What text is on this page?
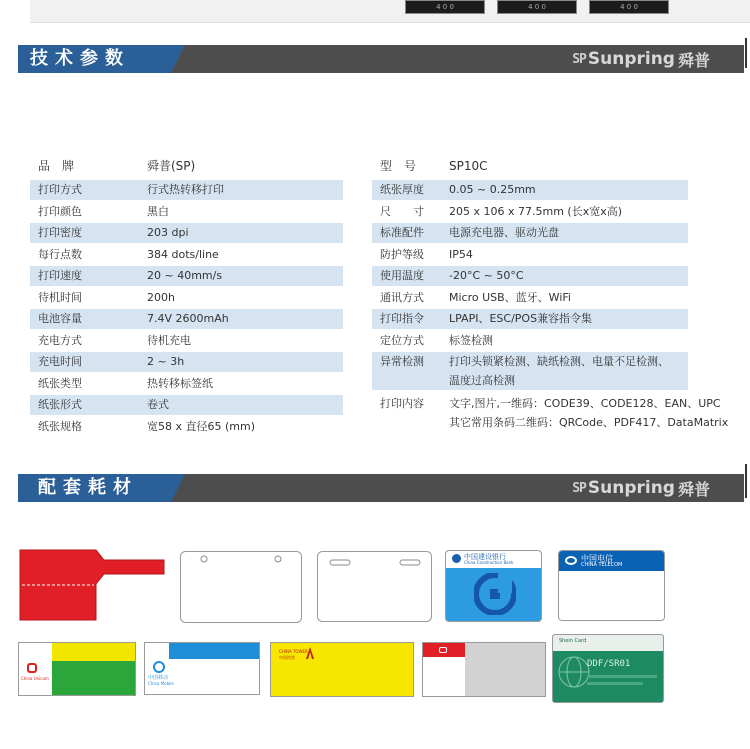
4 0 0	4 0 0	4 0 0
技术参数	SP Sunpring 舜普
品　牌	舜普(SP)
打印方式	行式热转移打印
打印颜色	黑白
打印密度	203 dpi
每行点数	384 dots/line
打印速度	20 ~ 40mm/s
待机时间	200h
电池容量	7.4V 2600mAh
充电方式	待机充电
充电时间	2 ~ 3h
纸张类型	热转移标签纸
纸张形式	卷式
纸张规格	宽58 x 直径65 (mm)
型　号	SP10C
纸张厚度 0.05 ~ 0.25mm
尺　　寸 205 x 106 x 77.5mm (长x宽x高)
标准配件 电源充电器、驱动光盘
防护等级 IP54
使用温度 -20°C ~ 50°C
通讯方式 Micro USB、蓝牙、WiFi
打印指令 LPAPI、ESC/POS兼容指令集
定位方式 标签检测
异常检测 打印头锁紧检测、缺纸检测、电量不足检测、
温度过高检测
打印内容 文字,图片,一维码：CODE39、CODE128、EAN、UPC
其它常用条码二维码：QRCode、PDF417、DataMatrix
配套耗材	SP Sunpring 舜普
中国建设银行
China Construction Bank	中国电信
CHINA TELECOM
China Unicom	中国移动
China Mobile
CHINA TOWER
中国铁塔
Shein Card
DDF/SR01
